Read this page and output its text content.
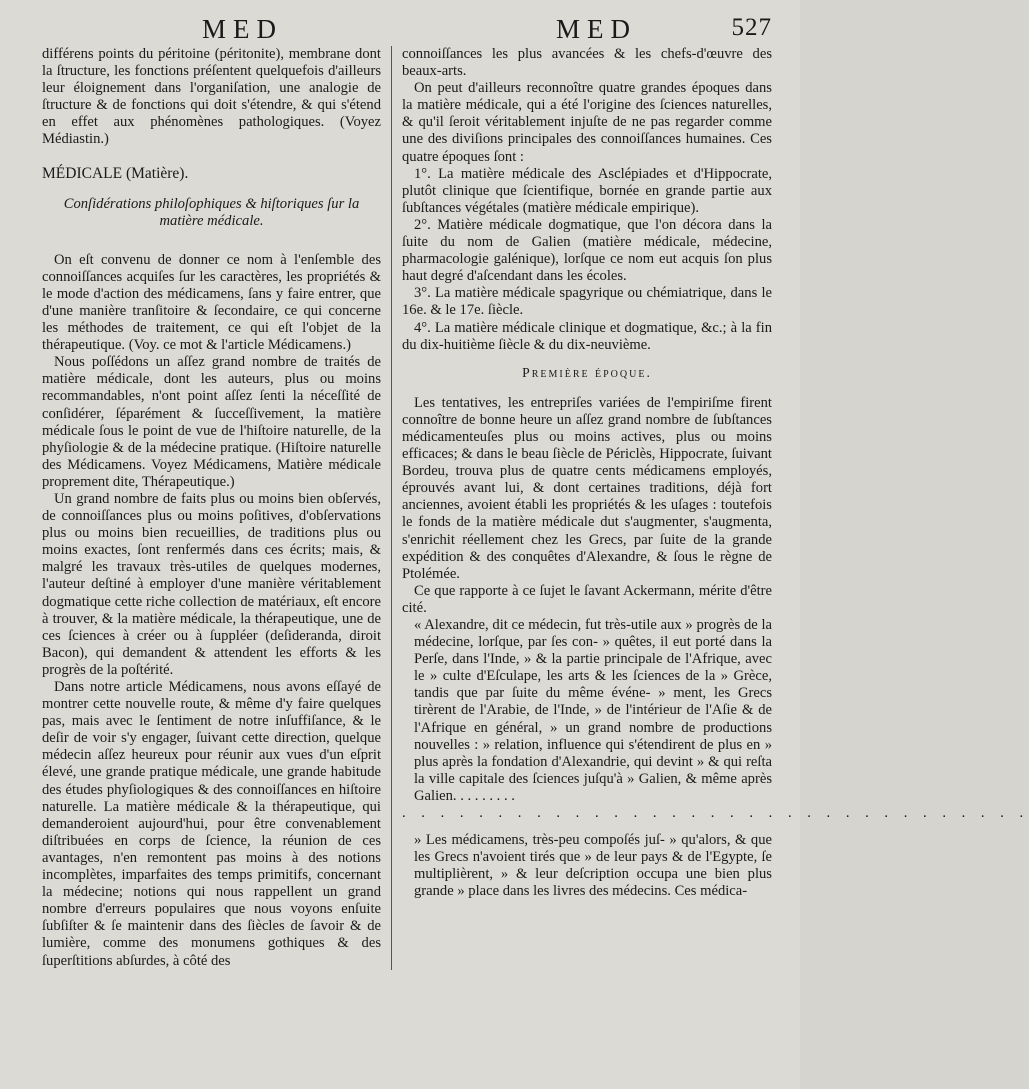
MED	MED	527

différens points du péritoine (péritonite), membrane dont la ſtructure, les fonctions préſentent quelquefois d'ailleurs leur éloignement dans l'organiſation, une analogie de ſtructure & de fonctions qui doit s'étendre, & qui s'étend en effet aux phénomènes pathologiques. (Voyez Médiastin.)

MÉDICALE (Matière).

Conſidérations philoſophiques & hiſtoriques ſur la matière médicale.

On eſt convenu de donner ce nom à l'enſemble des connoiſſances acquiſes ſur les caractères, les propriétés & le mode d'action des médicamens, ſans y faire entrer, que d'une manière tranſitoire & ſecondaire, ce qui concerne les méthodes de traitement, ce qui eſt l'objet de la thérapeutique. (Voy. ce mot & l'article Médicamens.)

Nous poſſédons un aſſez grand nombre de traités de matière médicale, dont les auteurs, plus ou moins recommandables, n'ont point aſſez ſenti la néceſſité de conſidérer, ſéparément & ſucceſſivement, la matière médicale ſous le point de vue de l'hiſtoire naturelle, de la phyſiologie & de la médecine pratique. (Hiſtoire naturelle des Médicamens. Voyez Médicamens, Matière médicale proprement dite, Thérapeutique.)

Un grand nombre de faits plus ou moins bien obſervés, de connoiſſances plus ou moins poſitives, d'obſervations plus ou moins bien recueillies, de traditions plus ou moins exactes, ſont renfermés dans ces écrits; mais, & malgré les travaux très-utiles de quelques modernes, l'auteur deſtiné à employer d'une manière véritablement dogmatique cette riche collection de matériaux, eſt encore à trouver, & la matière médicale, la thérapeutique, une de ces ſciences à créer ou à ſuppléer (deſideranda, diroit Bacon), qui demandent & attendent les efforts & les progrès de la poſtérité.

Dans notre article Médicamens, nous avons eſſayé de montrer cette nouvelle route, & même d'y faire quelques pas, mais avec le ſentiment de notre inſuffiſance, & le deſir de voir s'y engager, ſuivant cette direction, quelque médecin aſſez heureux pour réunir aux vues d'un eſprit élevé, une grande pratique médicale, une grande habitude des études phyſiologiques & des connoiſſances en hiſtoire naturelle. La matière médicale & la thérapeutique, qui demanderoient aujourd'hui, pour être convenablement diſtribuées en corps de ſcience, la réunion de ces avantages, n'en remontent pas moins à des notions incomplètes, imparfaites des temps primitifs, concernant la médecine; notions qui nous rappellent un grand nombre d'erreurs populaires que nous voyons enſuite ſubſiſter & ſe maintenir dans des ſiècles de ſavoir & de lumière, comme des monumens gothiques & des ſuperſtitions abſurdes, à côté des

connoiſſances les plus avancées & les chefs-d'œuvre des beaux-arts.

On peut d'ailleurs reconnoître quatre grandes époques dans la matière médicale, qui a été l'origine des ſciences naturelles, & qu'il ſeroit véritablement injuſte de ne pas regarder comme une des diviſions principales des connoiſſances humaines. Ces quatre époques ſont :

1°. La matière médicale des Asclépiades et d'Hippocrate, plutôt clinique que ſcientifique, bornée en grande partie aux ſubſtances végétales (matière médicale empirique).

2°. Matière médicale dogmatique, que l'on décora dans la ſuite du nom de Galien (matière médicale, médecine, pharmacologie galénique), lorſque ce nom eut acquis ſon plus haut degré d'aſcendant dans les écoles.

3°. La matière médicale spagyrique ou chémiatrique, dans le 16e. & le 17e. ſiècle.

4°. La matière médicale clinique et dogmatique, &c.; à la fin du dix-huitième ſiècle & du dix-neuvième.

Première époque.

Les tentatives, les entrepriſes variées de l'empiriſme firent connoître de bonne heure un aſſez grand nombre de ſubſtances médicamenteuſes plus ou moins actives, plus ou moins efficaces; & dans le beau ſiècle de Périclès, Hippocrate, ſuivant Bordeu, trouva plus de quatre cents médicamens employés, éprouvés avant lui, & dont certaines traditions, déjà fort anciennes, avoient établi les propriétés & les uſages : toutefois le fonds de la matière médicale dut s'augmenter, s'augmenta, s'enrichit réellement chez les Grecs, par ſuite de la grande expédition & des conquêtes d'Alexandre, & ſous le règne de Ptolémée.

Ce que rapporte à ce ſujet le ſavant Ackermann, mérite d'être cité.

« Alexandre, dit ce médecin, fut très-utile aux » progrès de la médecine, lorſque, par ſes con- » quêtes, il eut porté dans la Perſe, dans l'Inde, » & la partie principale de l'Afrique, avec le » culte d'Eſculape, les arts & les ſciences de la » Grèce, tandis que par ſuite du même événe- » ment, les Grecs tirèrent de l'Arabie, de l'Inde, » de l'intérieur de l'Aſie & de l'Afrique en général, » un grand nombre de productions nouvelles : » relation, influence qui s'étendirent de plus en » plus après la fondation d'Alexandrie, qui devint » & qui reſta la ville capitale des ſciences juſqu'à » Galien, & même après Galien. . . . . . . . .

. . . . . . . . . . . . . . . . . . . . . . . . . . . . . . . . .

» Les médicamens, très-peu compoſés juſ- » qu'alors, & que les Grecs n'avoient tirés que » de leur pays & de l'Egypte, ſe multiplièrent, » & leur deſcription occupa une bien plus grande » place dans les livres des médecins. Ces médica-
